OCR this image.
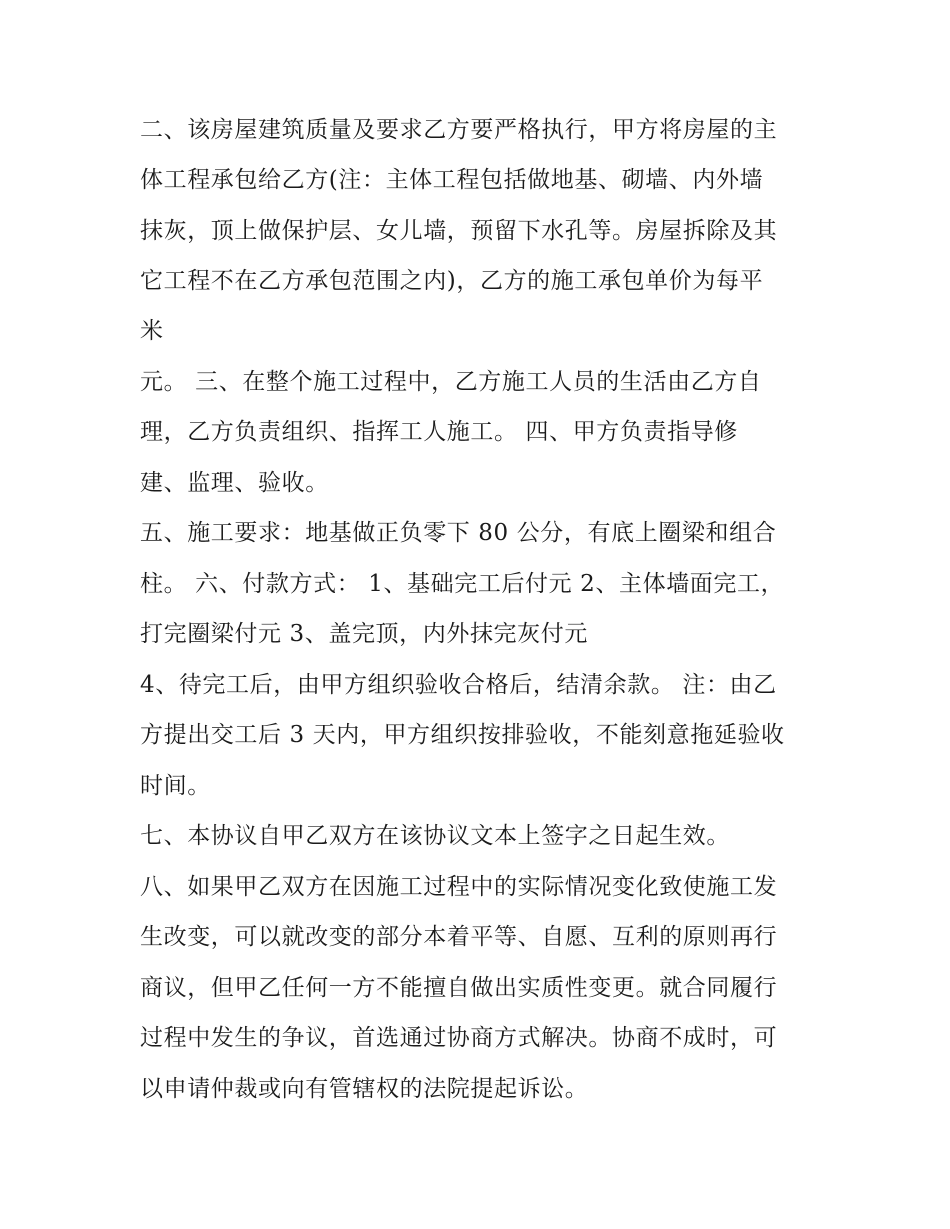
二、该房屋建筑质量及要求乙方要严格执行，甲方将房屋的主
体工程承包给乙方(注：主体工程包括做地基、砌墙、内外墙
抹灰，顶上做保护层、女儿墙，预留下水孔等。房屋拆除及其
它工程不在乙方承包范围之内)，乙方的施工承包单价为每平
米
元。 三、在整个施工过程中，乙方施工人员的生活由乙方自
理，乙方负责组织、指挥工人施工。 四、甲方负责指导修
建、监理、验收。
五、施工要求：地基做正负零下 80 公分，有底上圈梁和组合
柱。 六、付款方式： 1、基础完工后付元 2、主体墙面完工，
打完圈梁付元 3、盖完顶，内外抹完灰付元
4、待完工后，由甲方组织验收合格后，结清余款。 注：由乙
方提出交工后 3 天内，甲方组织按排验收，不能刻意拖延验收
时间。
七、本协议自甲乙双方在该协议文本上签字之日起生效。
八、如果甲乙双方在因施工过程中的实际情况变化致使施工发
生改变，可以就改变的部分本着平等、自愿、互利的原则再行
商议，但甲乙任何一方不能擅自做出实质性变更。就合同履行
过程中发生的争议，首选通过协商方式解决。协商不成时，可
以申请仲裁或向有管辖权的法院提起诉讼。
